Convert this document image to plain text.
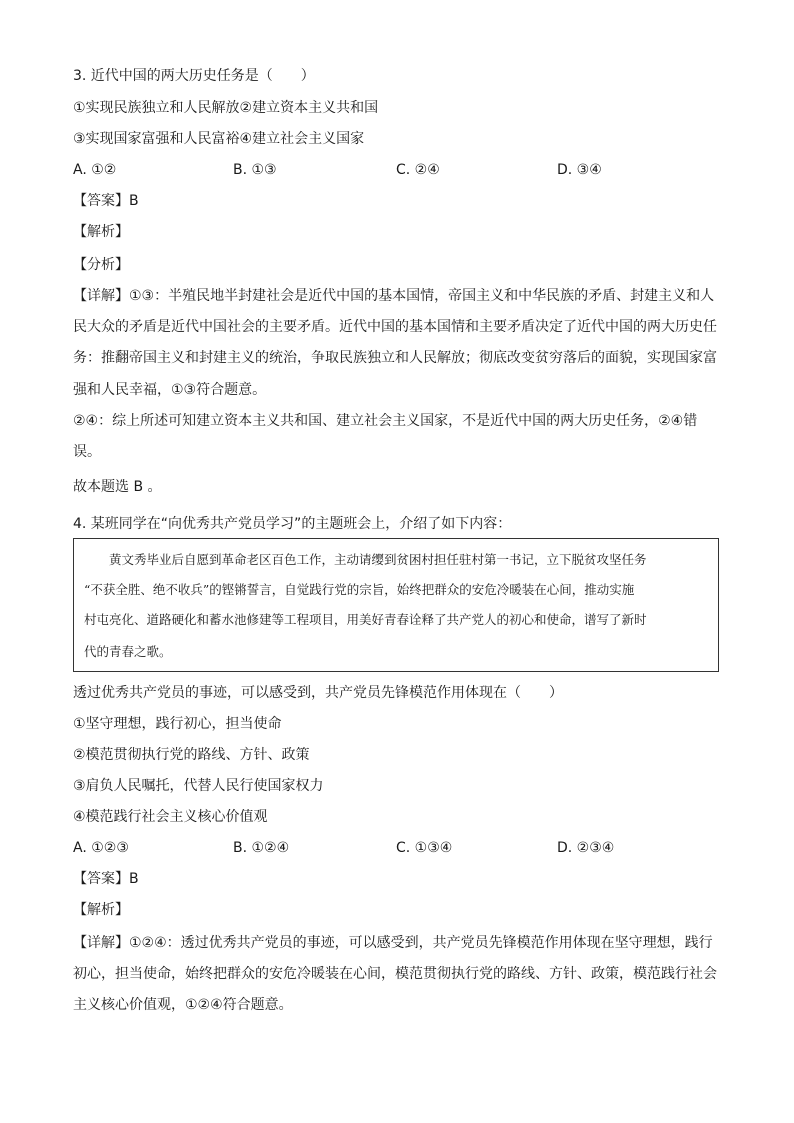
3. 近代中国的两大历史任务是（　　）
①实现民族独立和人民解放②建立资本主义共和国
③实现国家富强和人民富裕④建立社会主义国家
A. ①②	B. ①③	C. ②④	D. ③④
【答案】B
【解析】
【分析】
【详解】①③：半殖民地半封建社会是近代中国的基本国情，帝国主义和中华民族的矛盾、封建主义和人
民大众的矛盾是近代中国社会的主要矛盾。近代中国的基本国情和主要矛盾决定了近代中国的两大历史任
务：推翻帝国主义和封建主义的统治，争取民族独立和人民解放；彻底改变贫穷落后的面貌，实现国家富
强和人民幸福，①③符合题意。
②④：综上所述可知建立资本主义共和国、建立社会主义国家，不是近代中国的两大历史任务，②④错
误。
故本题选 B 。
4. 某班同学在“向优秀共产党员学习”的主题班会上，介绍了如下内容：
　　黄文秀毕业后自愿到革命老区百色工作，主动请缨到贫困村担任驻村第一书记，立下脱贫攻坚任务
“不获全胜、绝不收兵”的铿锵誓言，自觉践行党的宗旨，始终把群众的安危冷暖装在心间，推动实施
村屯亮化、道路硬化和蓄水池修建等工程项目，用美好青春诠释了共产党人的初心和使命，谱写了新时
代的青春之歌。
透过优秀共产党员的事迹，可以感受到，共产党员先锋模范作用体现在（　　）
①坚守理想，践行初心，担当使命
②模范贯彻执行党的路线、方针、政策
③肩负人民嘱托，代替人民行使国家权力
④模范践行社会主义核心价值观
A. ①②③	B. ①②④	C. ①③④	D. ②③④
【答案】B
【解析】
【详解】①②④：透过优秀共产党员的事迹，可以感受到，共产党员先锋模范作用体现在坚守理想，践行
初心，担当使命，始终把群众的安危冷暖装在心间，模范贯彻执行党的路线、方针、政策，模范践行社会
主义核心价值观，①②④符合题意。
